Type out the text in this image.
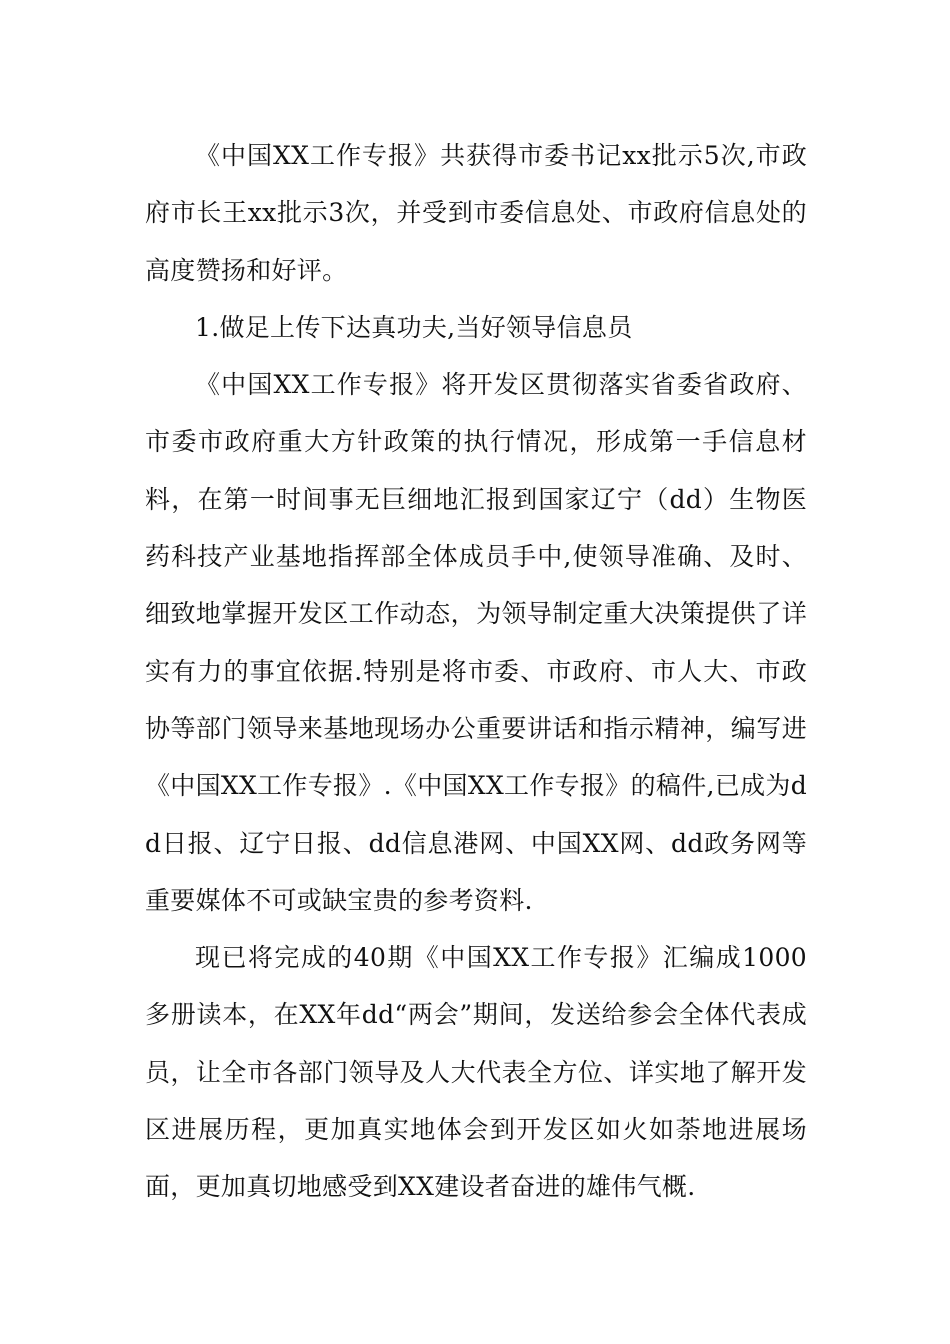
《中国XX工作专报》共获得市委书记xx批示5次,市政府市长王xx批示3次，并受到市委信息处、市政府信息处的高度赞扬和好评。

1.做足上传下达真功夫,当好领导信息员

《中国XX工作专报》将开发区贯彻落实省委省政府、市委市政府重大方针政策的执行情况，形成第一手信息材料，在第一时间事无巨细地汇报到国家辽宁（dd）生物医药科技产业基地指挥部全体成员手中,使领导准确、及时、细致地掌握开发区工作动态，为领导制定重大决策提供了详实有力的事宜依据.特别是将市委、市政府、市人大、市政协等部门领导来基地现场办公重要讲话和指示精神，编写进《中国XX工作专报》.《中国XX工作专报》的稿件,已成为dd日报、辽宁日报、dd信息港网、中国XX网、dd政务网等重要媒体不可或缺宝贵的参考资料.

现已将完成的40期《中国XX工作专报》汇编成1000多册读本，在XX年dd“两会”期间，发送给参会全体代表成员，让全市各部门领导及人大代表全方位、详实地了解开发区进展历程，更加真实地体会到开发区如火如荼地进展场面，更加真切地感受到XX建设者奋进的雄伟气概.
